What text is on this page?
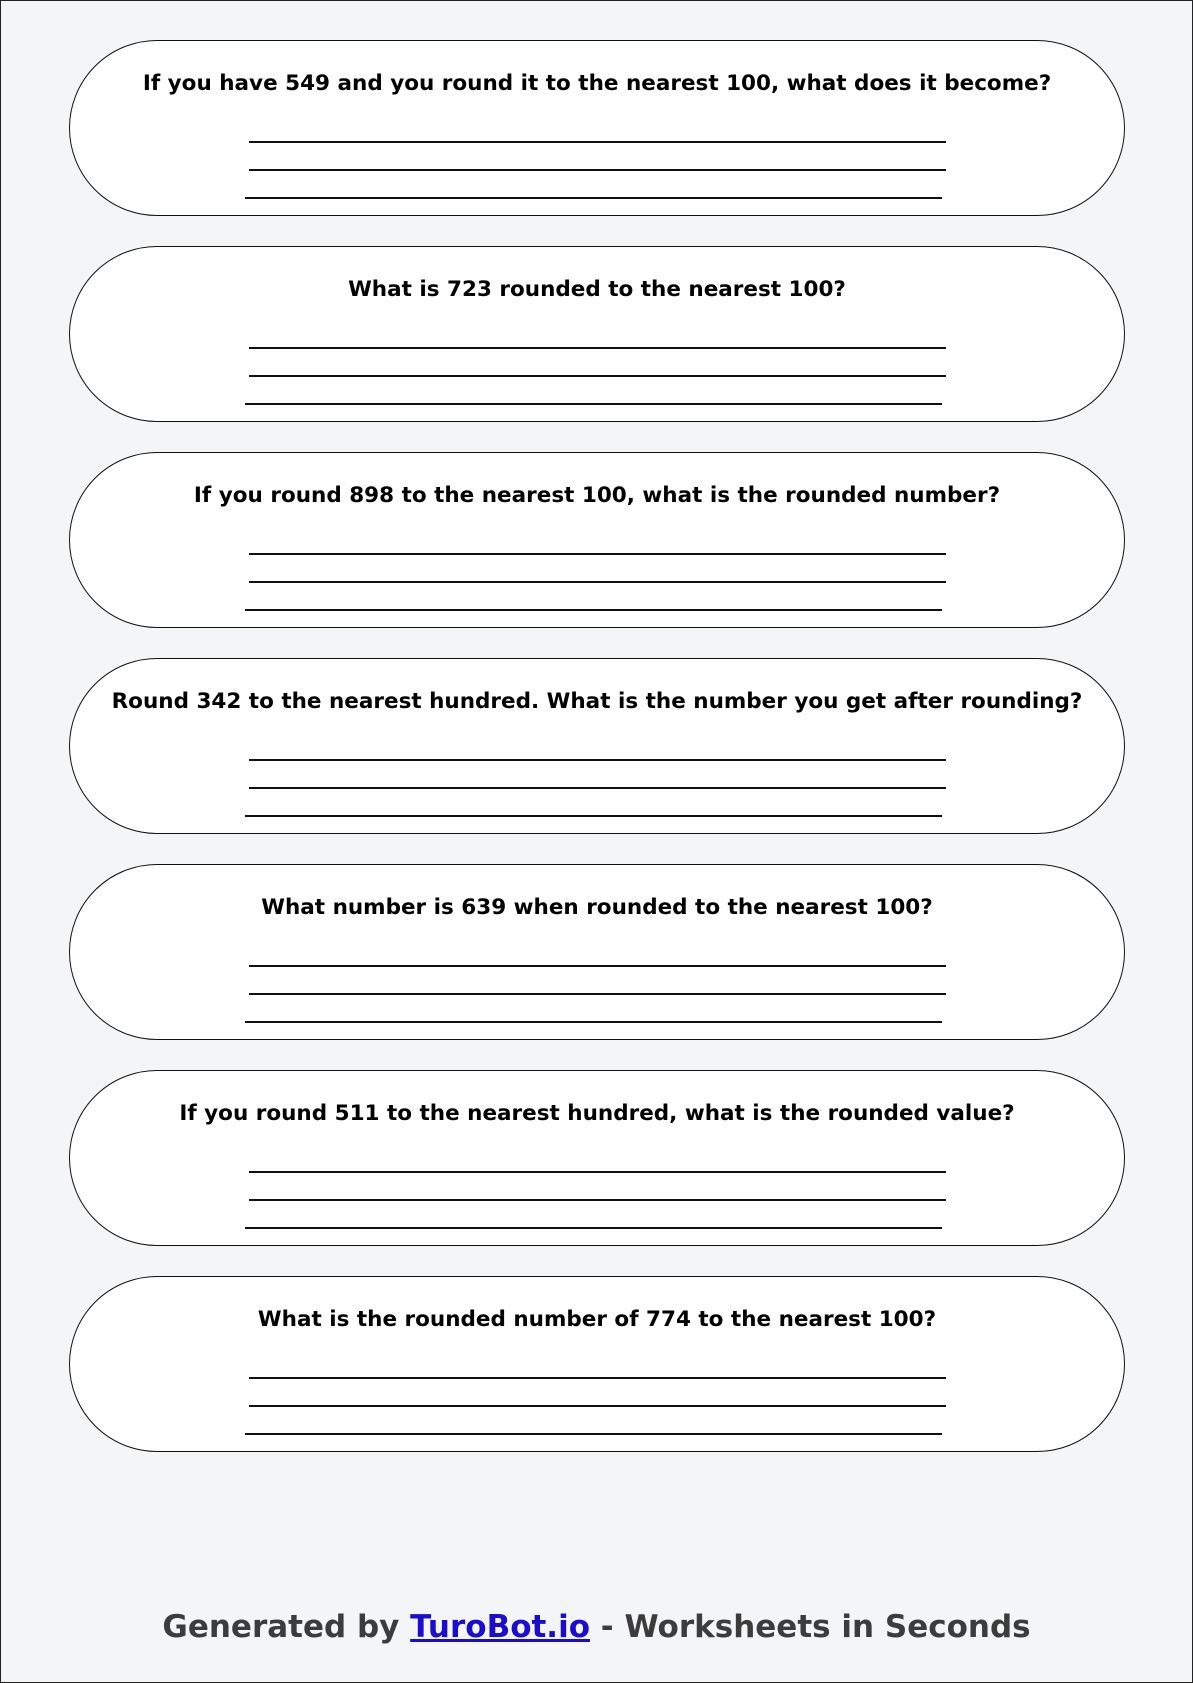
If you have 549 and you round it to the nearest 100, what does it become?
What is 723 rounded to the nearest 100?
If you round 898 to the nearest 100, what is the rounded number?
Round 342 to the nearest hundred. What is the number you get after rounding?
What number is 639 when rounded to the nearest 100?
If you round 511 to the nearest hundred, what is the rounded value?
What is the rounded number of 774 to the nearest 100?
Generated by TuroBot.io - Worksheets in Seconds
